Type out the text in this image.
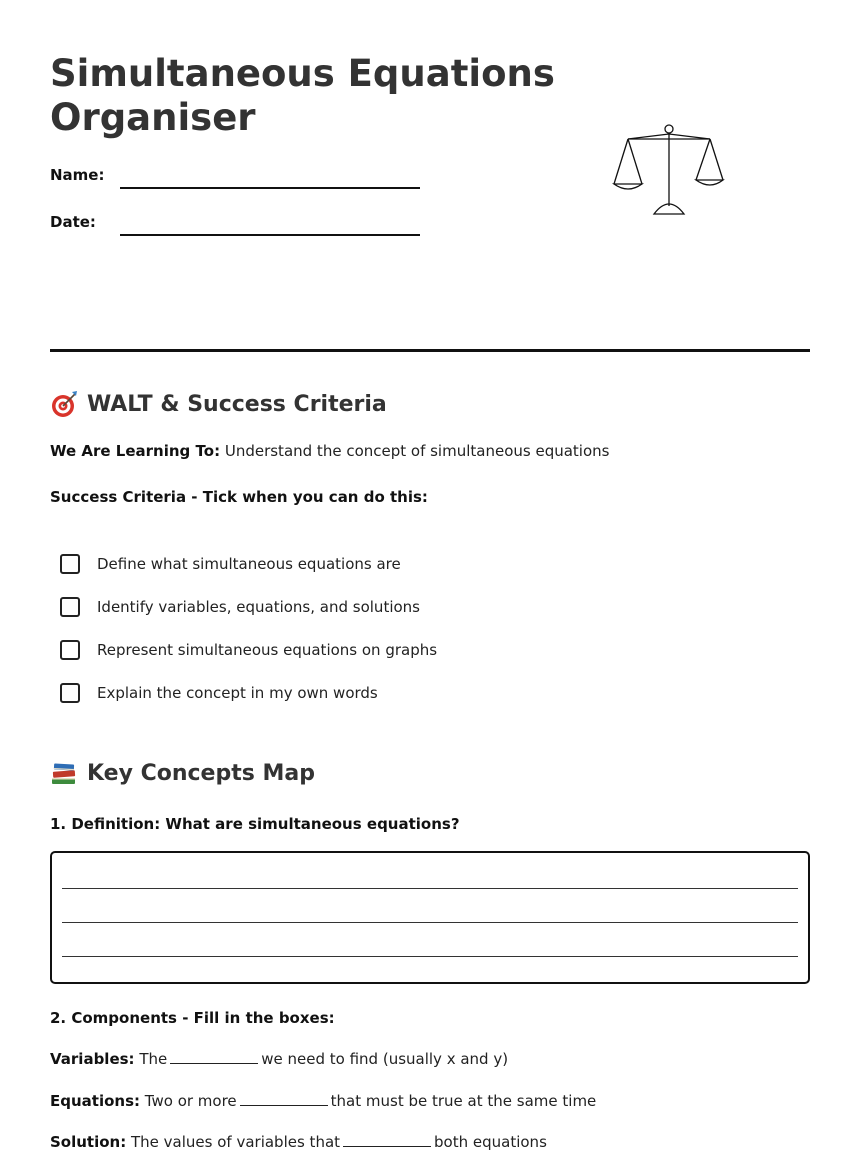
Simultaneous Equations Organiser
Name:
Date:
WALT & Success Criteria
We Are Learning To: Understand the concept of simultaneous equations
Success Criteria - Tick when you can do this:
Define what simultaneous equations are
Identify variables, equations, and solutions
Represent simultaneous equations on graphs
Explain the concept in my own words
Key Concepts Map
1. Definition: What are simultaneous equations?
2. Components - Fill in the boxes:
Variables: The	we need to find (usually x and y)
Equations: Two or more	that must be true at the same time
Solution: The values of variables that	both equations
